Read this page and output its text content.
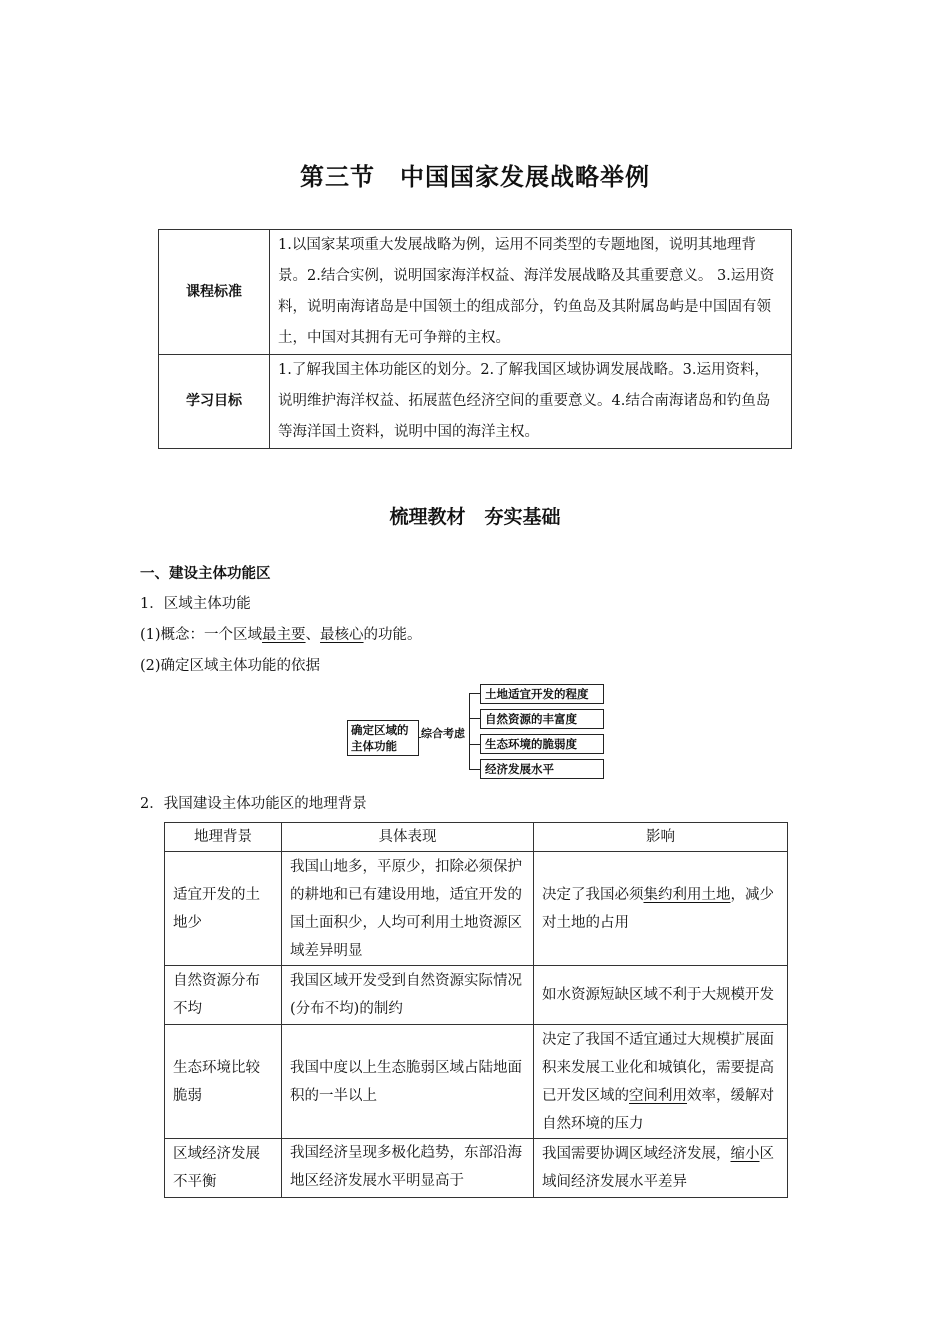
第三节　中国国家发展战略举例
课程标准	1.以国家某项重大发展战略为例，运用不同类型的专题地图，说明其地理背景。2.结合实例，说明国家海洋权益、海洋发展战略及其重要意义。 3.运用资料，说明南海诸岛是中国领土的组成部分，钓鱼岛及其附属岛屿是中国固有领土，中国对其拥有无可争辩的主权。
学习目标	1.了解我国主体功能区的划分。2.了解我国区域协调发展战略。3.运用资料，说明维护海洋权益、拓展蓝色经济空间的重要意义。4.结合南海诸岛和钓鱼岛等海洋国土资料，说明中国的海洋主权。
梳理教材　夯实基础
一、建设主体功能区
1．区域主体功能
(1)概念：一个区域最主要、最核心的功能。
(2)确定区域主体功能的依据
确定区域的主体功能
综合考虑
土地适宜开发的程度
自然资源的丰富度
生态环境的脆弱度
经济发展水平
2．我国建设主体功能区的地理背景
地理背景	具体表现	影响
适宜开发的土地少	我国山地多，平原少，扣除必须保护的耕地和已有建设用地，适宜开发的国土面积少，人均可利用土地资源区域差异明显	决定了我国必须集约利用土地，减少对土地的占用
自然资源分布不均	我国区域开发受到自然资源实际情况(分布不均)的制约	如水资源短缺区域不利于大规模开发
生态环境比较脆弱	我国中度以上生态脆弱区域占陆地面积的一半以上	决定了我国不适宜通过大规模扩展面积来发展工业化和城镇化，需要提高已开发区域的空间利用效率，缓解对自然环境的压力
区域经济发展不平衡	我国经济呈现多极化趋势，东部沿海地区经济发展水平明显高于	我国需要协调区域经济发展，缩小区域间经济发展水平差异
